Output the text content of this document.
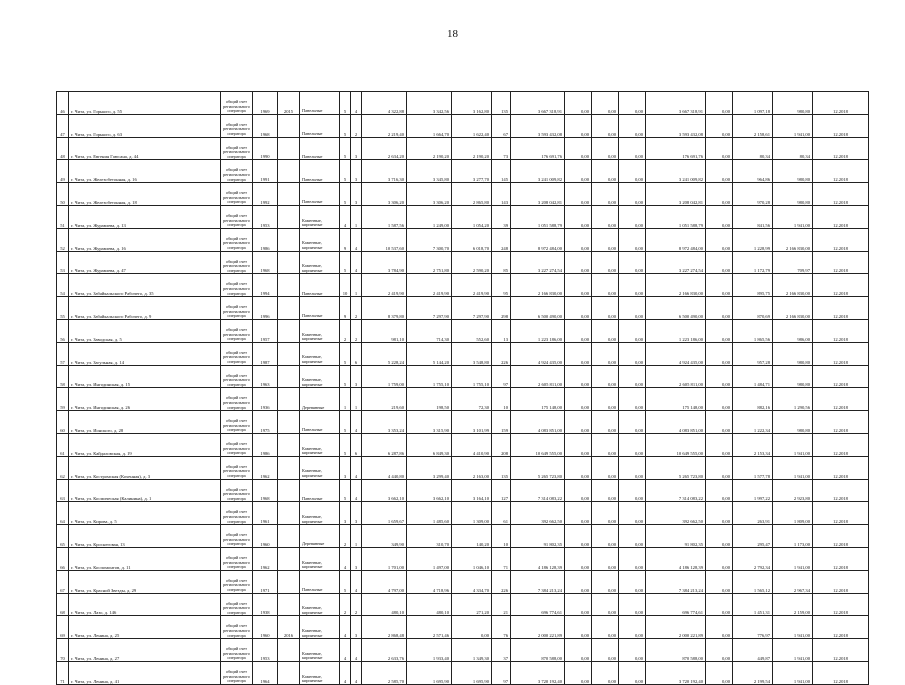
18
46	г. Чита, ул. Горького, д. 55	общий счет регионального оператора	1969	2015	Панельные	5	4	4 322,88	3 342,56	3 162,80	135	3 667 318,91	0,00	0,00	0,00	3 667 318,91	0,00	1 097,18	980,80	12.2018
47	г. Чита, ул. Горького, д. 63	общий счет регионального оператора	1968		Панельные	5	2	2 219,40	1 664,70	1 622,40	67	3 593 432,08	0,00	0,00	0,00	3 593 432,08	0,00	2 158,61	1 941,00	12.2018
48	г. Чита, ул. Евгения Гаюсана, д. 44	общий счет регионального оператора	1990		Панельные	5	3	2 634,20	2 190,20	2 190,20	73	176 691,76	0,00	0,00	0,00	176 691,76	0,00	80,34	80,34	12.2018
49	г. Чита, ул. Железобетонная, д. 16	общий счет регионального оператора	1991		Панельные	5	3	3 716,30	3 345,80	3 277,70	145	3 241 009,82	0,00	0,00	0,00	3 241 009,82	0,00	964,86	980,80	12.2018
50	г. Чита, ул. Железобетонная, д. 18	общий счет регионального оператора	1992		Панельные	5	3	3 306,20	3 306,20	2 865,80	143	3 208 042,81	0,00	0,00	0,00	3 208 042,81	0,00	970,28	980,80	12.2018
51	г. Чита, ул. Журавлева, д. 13	общий счет регионального оператора	1953		Каменные, кирпичные	4	1	1 587,56	1 249,00	1 054,20	39	1 051 588,79	0,00	0,00	0,00	1 051 588,79	0,00	841,56	1 941,00	12.2018
52	г. Чита, ул. Журавлева, д. 16	общий счет регионального оператора	1986		Каменные, кирпичные	9	4	10 537,60	7 300,70	6 018,70	248	8 972 484,00	0,00	0,00	0,00	8 972 484,00	0,00	1 228,99	2 166 830,00	12.2018
53	г. Чита, ул. Журавлева, д. 47	общий счет регионального оператора	1968		Каменные, кирпичные	5	4	3 784,90	2 751,80	2 590,20	85	3 227 274,54	0,00	0,00	0,00	3 227 274,54	0,00	1 172,79	709,97	12.2018
54	г. Чита, ул. Забайкальского Рабочего, д. 35	общий счет регионального оператора	1994		Панельные	10	1	2 419,90	2 419,90	2 419,90	95	2 166 830,00	0,00	0,00	0,00	2 166 830,00	0,00	895,75	2 166 830,00	12.2018
55	г. Чита, ул. Забайкальского Рабочего, д. 9	общий счет регионального оператора	1996		Панельные	9	2	8 379,80	7 297,90	7 297,90	298	6 500 490,00	0,00	0,00	0,00	6 500 490,00	0,00	870,69	2 166 830,00	12.2018
56	г. Чита, ул. Заводская, д. 5	общий счет регионального оператора	1957		Каменные, кирпичные	2	2	981,10	714,30	552,60	13	1 223 186,00	0,00	0,00	0,00	1 223 186,00	0,00	1 865,56	986,00	12.2018
57	г. Чита, ул. Загульная, д. 14	общий счет регионального оператора	1987		Каменные, кирпичные	5	6	5 228,24	5 144,20	3 548,80	226	4 924 435,00	0,00	0,00	0,00	4 924 435,00	0,00	957,28	980,80	12.2018
58	г. Чита, ул. Ингодинская, д. 15	общий счет регионального оператора	1963		Каменные, кирпичные	5	3	1 759,00	1 755,10	1 755,10	97	2 605 811,00	0,00	0,00	0,00	2 605 811,00	0,00	1 484,71	980,80	12.2018
59	г. Чита, ул. Ингодинская, д. 26	общий счет регионального оператора	1936		Деревянные	1	1	219,60	198,50	72,30	10	175 148,00	0,00	0,00	0,00	175 148,00	0,00	882,16	1 290,56	12.2018
60	г. Чита, ул. Ионского, д. 28	общий счет регионального оператора	1975		Панельные	5	4	3 353,24	3 315,90	3 101,99	159	4 083 851,00	0,00	0,00	0,00	4 083 851,00	0,00	1 222,34	980,80	12.2018
61	г. Чита, ул. Кайдаловская, д. 19	общий счет регионального оператора	1986		Каменные, кирпичные	5	6	6 287,86	6 849,30	4 410,90	208	10 649 555,00	0,00	0,00	0,00	10 649 555,00	0,00	2 153,34	1 941,00	12.2018
62	г. Чита, ул. Костромская (Кохенная), д. 3	общий счет регионального оператора	1962		Каменные, кирпичные	3	4	4 440,80	3 299,40	2 163,00	135	5 265 723,80	0,00	0,00	0,00	5 265 723,80	0,00	1 577,78	1 941,00	12.2018
63	г. Чита, ул. Космическая (Калинина), д. 1	общий счет регионального оператора	1968		Панельные	5	4	3 662,10	3 662,10	3 164,10	127	7 314 083,22	0,00	0,00	0,00	7 314 083,22	0,00	1 997,22	2 923,80	12.2018
64	г. Чита, ул. Кирова, д. 5	общий счет регионального оператора	1961		Каменные, кирпичные	3	3	1 659,67	1 485,60	1 309,00	61	392 662,50	0,00	0,00	0,00	392 662,50	0,00	263,91	1 809,00	12.2018
65	г. Чита, ул. Кроснеговая, 13	общий счет регионального оператора	1960		Деревянные	2	1	349,90	310,70	140,20	10	91 802,35	0,00	0,00	0,00	91 802,35	0,00	295,47	1 173,00	12.2018
66	г. Чита, ул. Коспомонтов, д. 11	общий счет регионального оператора	1962		Каменные, кирпичные	4	3	1 701,00	1 497,00	1 046,10	71	4 186 128,39	0,00	0,00	0,00	4 186 128,39	0,00	2 792,34	1 941,00	12.2018
67	г. Чита, ул. Красной Звезды, д. 29	общий счет регионального оператора	1971		Панельные	5	4	4 797,00	4 718,96	4 334,70	226	7 384 213,24	0,00	0,00	0,00	7 384 213,24	0,00	1 565,12	2 967,34	12.2018
68	г. Чита, ул. Лазо, д. 146	общий счет регионального оператора	1938		Каменные, кирпичные	2	2	480,10	480,10	271,20	21	696 774,61	0,00	0,00	0,00	696 774,61	0,00	1 451,31	2 159,00	12.2018
69	г. Чита, ул. Ленина, д. 25	общий счет регионального оператора	1960	2016	Каменные, кирпичные	4	3	2 868,48	2 571,46	0,00	76	2 000 221,89	0,00	0,00	0,00	2 000 221,89	0,00	776,97	1 941,00	12.2018
70	г. Чита, ул. Ленина, д. 27	общий счет регионального оператора	1953		Каменные, кирпичные	4	4	2 633,76	1 933,40	1 349,30	37	870 588,00	0,00	0,00	0,00	870 588,00	0,00	449,87	1 941,00	12.2018
71	г. Чита, ул. Ленина, д. 41	общий счет регионального оператора	1964		Каменные, кирпичные	4	4	2 585,70	1 695,90	1 695,90	97	3 720 192,40	0,00	0,00	0,00	3 720 192,40	0,00	2 199,54	1 941,00	12.2018
